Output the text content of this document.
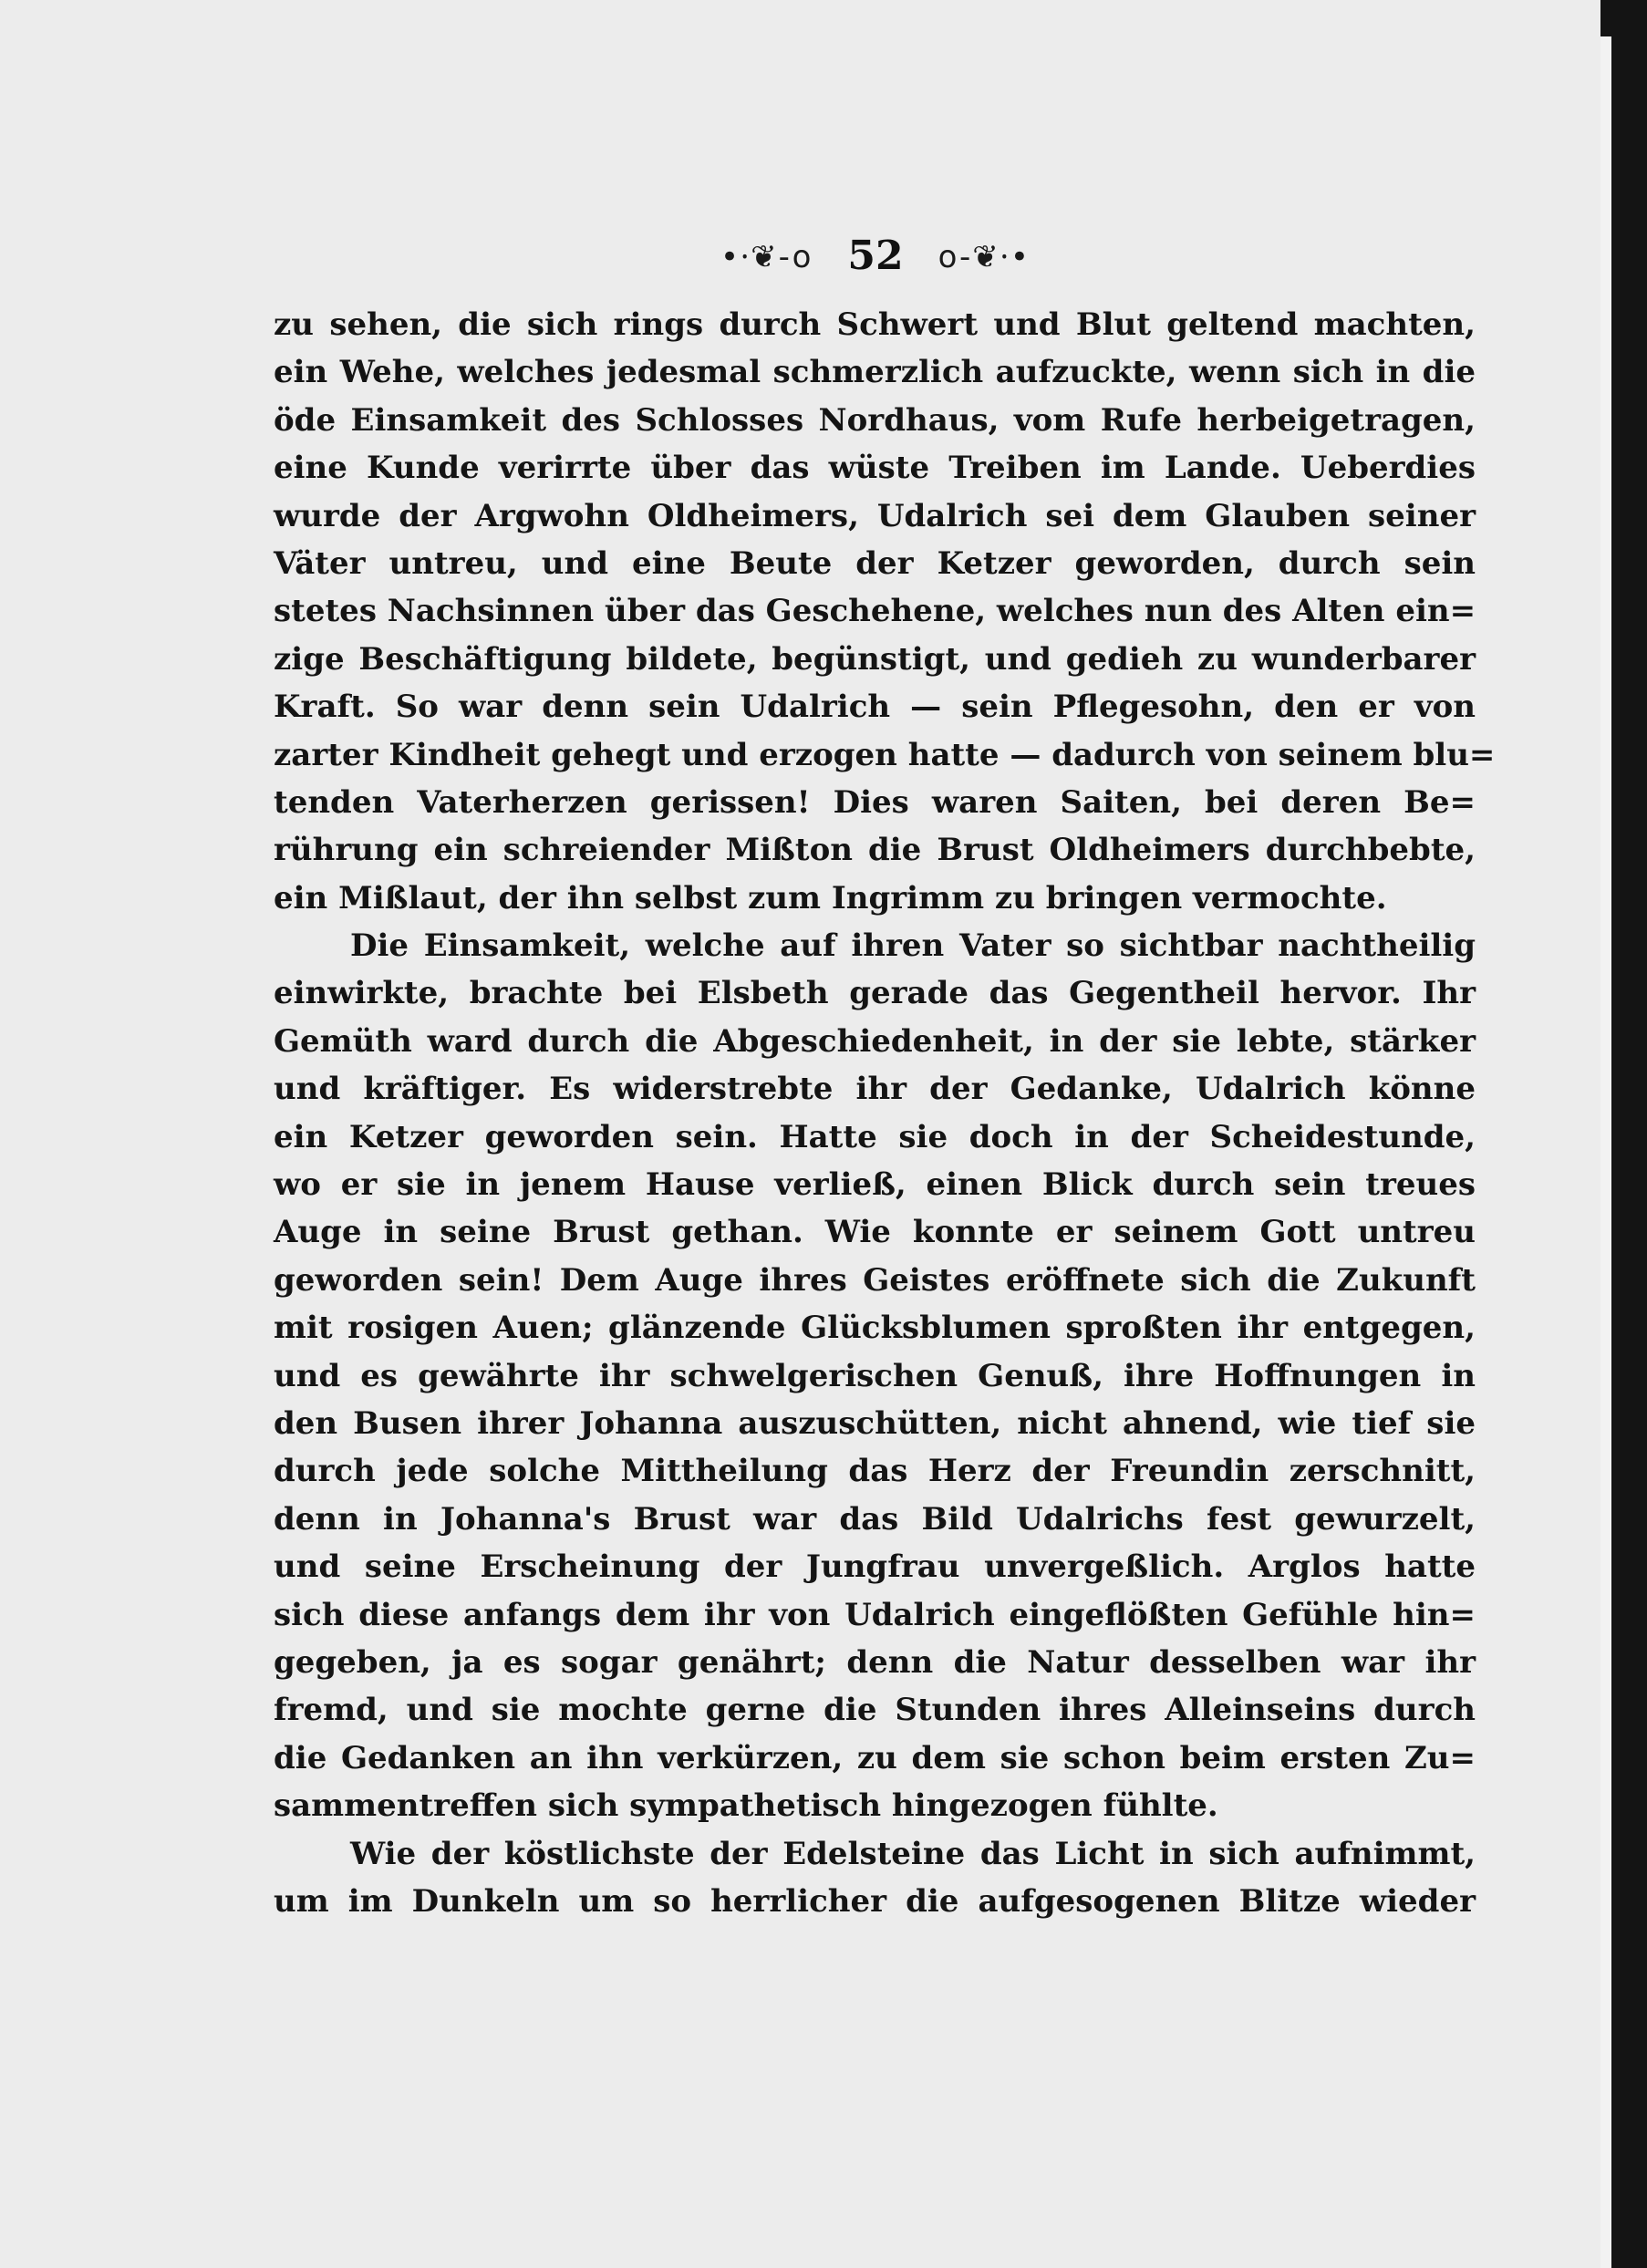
•⸱❦-o 52 o-❦⸱•
zu sehen, die sich rings durch Schwert und Blut geltend machten,
ein Wehe, welches jedesmal schmerzlich aufzuckte, wenn sich in die
öde Einsamkeit des Schlosses Nordhaus, vom Rufe herbeigetragen,
eine Kunde verirrte über das wüste Treiben im Lande. Ueberdies
wurde der Argwohn Oldheimers, Udalrich sei dem Glauben seiner
Väter untreu, und eine Beute der Ketzer geworden, durch sein
stetes Nachsinnen über das Geschehene, welches nun des Alten ein=
zige Beschäftigung bildete, begünstigt, und gedieh zu wunderbarer
Kraft. So war denn sein Udalrich — sein Pflegesohn, den er von
zarter Kindheit gehegt und erzogen hatte — dadurch von seinem blu=
tenden Vaterherzen gerissen! Dies waren Saiten, bei deren Be=
rührung ein schreiender Mißton die Brust Oldheimers durchbebte,
ein Mißlaut, der ihn selbst zum Ingrimm zu bringen vermochte.
Die Einsamkeit, welche auf ihren Vater so sichtbar nachtheilig
einwirkte, brachte bei Elsbeth gerade das Gegentheil hervor. Ihr
Gemüth ward durch die Abgeschiedenheit, in der sie lebte, stärker
und kräftiger. Es widerstrebte ihr der Gedanke, Udalrich könne
ein Ketzer geworden sein. Hatte sie doch in der Scheidestunde,
wo er sie in jenem Hause verließ, einen Blick durch sein treues
Auge in seine Brust gethan. Wie konnte er seinem Gott untreu
geworden sein! Dem Auge ihres Geistes eröffnete sich die Zukunft
mit rosigen Auen; glänzende Glücksblumen sproßten ihr entgegen,
und es gewährte ihr schwelgerischen Genuß, ihre Hoffnungen in
den Busen ihrer Johanna auszuschütten, nicht ahnend, wie tief sie
durch jede solche Mittheilung das Herz der Freundin zerschnitt,
denn in Johanna's Brust war das Bild Udalrichs fest gewurzelt,
und seine Erscheinung der Jungfrau unvergeßlich. Arglos hatte
sich diese anfangs dem ihr von Udalrich eingeflößten Gefühle hin=
gegeben, ja es sogar genährt; denn die Natur desselben war ihr
fremd, und sie mochte gerne die Stunden ihres Alleinseins durch
die Gedanken an ihn verkürzen, zu dem sie schon beim ersten Zu=
sammentreffen sich sympathetisch hingezogen fühlte.
Wie der köstlichste der Edelsteine das Licht in sich aufnimmt,
um im Dunkeln um so herrlicher die aufgesogenen Blitze wieder
